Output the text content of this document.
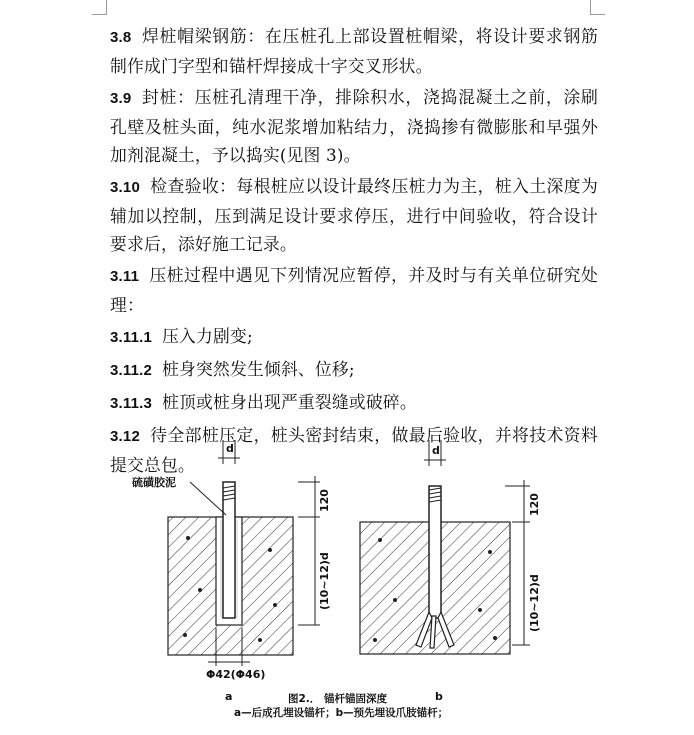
3.8 焊桩帽梁钢筋：在压桩孔上部设置桩帽梁，将设计要求钢筋制作成门字型和锚杆焊接成十字交叉形状。

3.9 封桩：压桩孔清理干净，排除积水，浇捣混凝土之前，涂刷孔壁及桩头面，纯水泥浆增加粘结力，浇捣掺有微膨胀和早强外加剂混凝土，予以捣实(见图 3)。

3.10 检查验收：每根桩应以设计最终压桩力为主，桩入土深度为辅加以控制，压到满足设计要求停压，进行中间验收，符合设计要求后，添好施工记录。

3.11 压桩过程中遇见下列情况应暂停，并及时与有关单位研究处理：

3.11.1 压入力剧变;

3.11.2 桩身突然发生倾斜、位移;

3.11.3 桩顶或桩身出现严重裂缝或破碎。

3.12 待全部桩压定，桩头密封结束，做最后验收，并将技术资料提交总包。

硫磺胶泥
d	d
120	120
(10~12)d	(10~12)d
Φ42(Φ46)
a	b
图2.． 锚杆锚固深度
a—后成孔埋设锚杆；b—预先埋设爪肢锚杆；
